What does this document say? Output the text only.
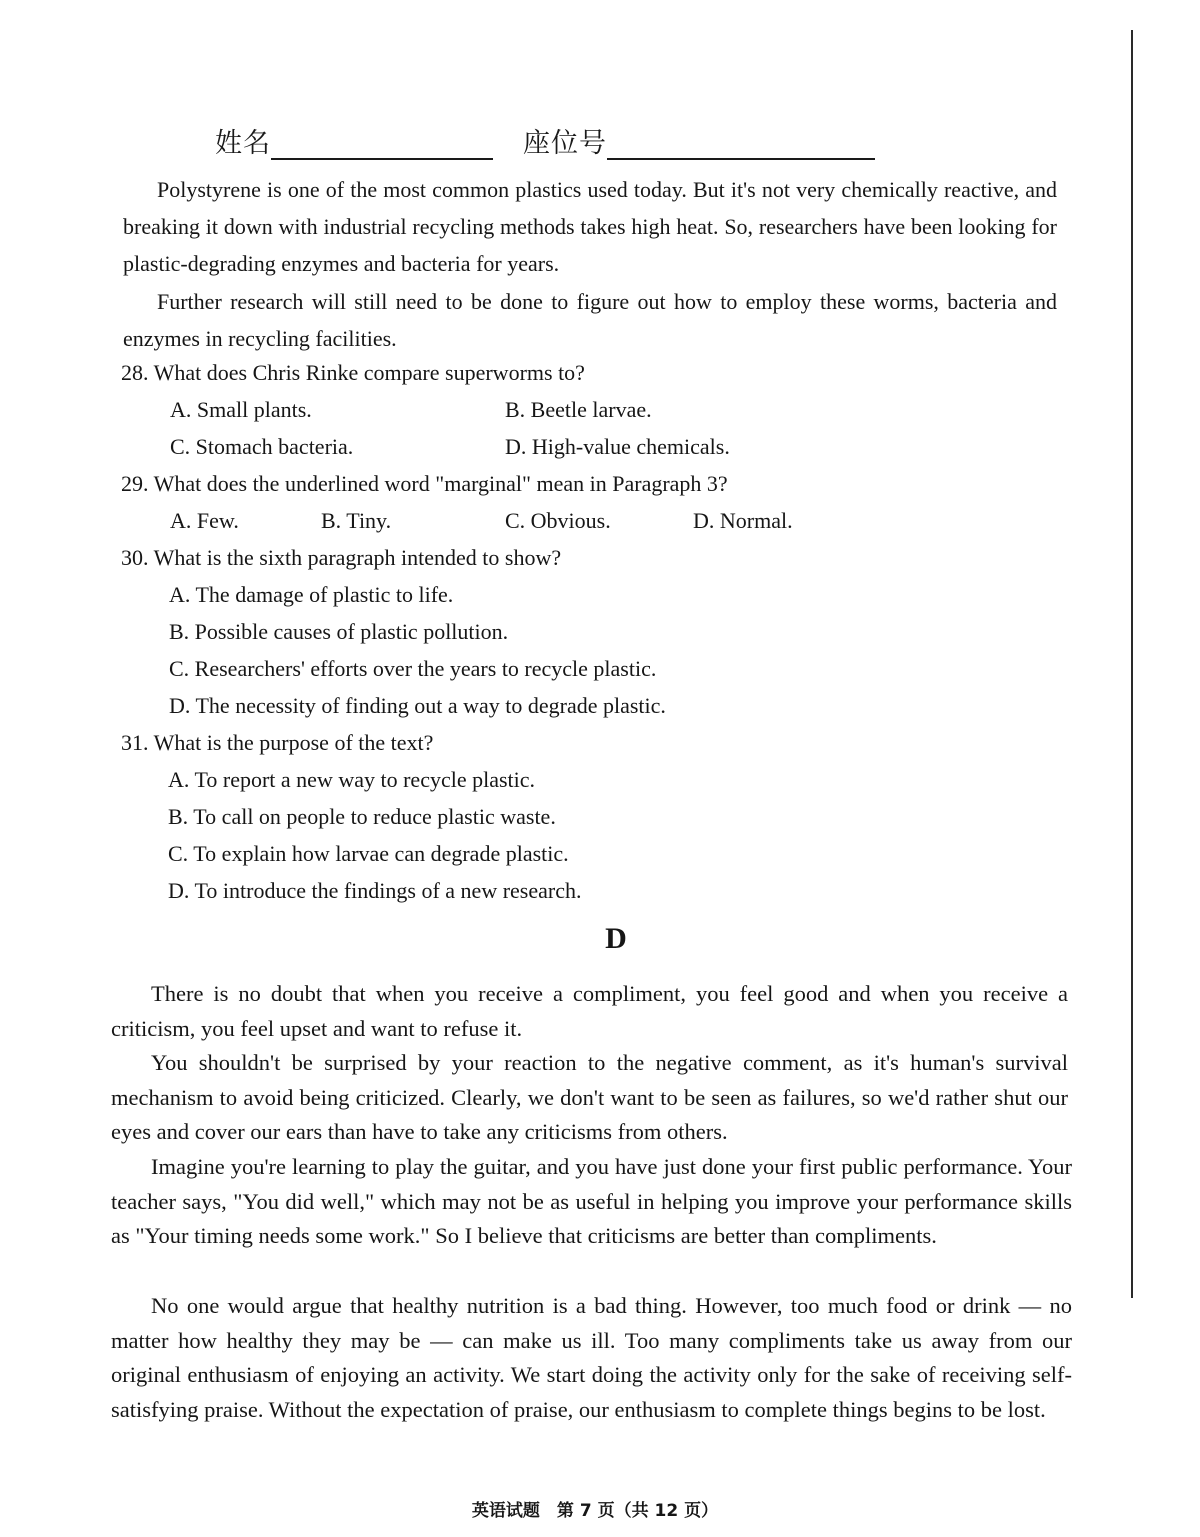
姓名	座位号

Polystyrene is one of the most common plastics used today. But it's not very chemically reactive, and breaking it down with industrial recycling methods takes high heat. So, researchers have been looking for plastic-degrading enzymes and bacteria for years.

Further research will still need to be done to figure out how to employ these worms, bacteria and enzymes in recycling facilities.

28. What does Chris Rinke compare superworms to?

A. Small plants.	B. Beetle larvae.
C. Stomach bacteria.	D. High-value chemicals.

29. What does the underlined word "marginal" mean in Paragraph 3?

A. Few.	B. Tiny.	C. Obvious.	D. Normal.

30. What is the sixth paragraph intended to show?

A. The damage of plastic to life.
B. Possible causes of plastic pollution.
C. Researchers' efforts over the years to recycle plastic.
D. The necessity of finding out a way to degrade plastic.

31. What is the purpose of the text?

A. To report a new way to recycle plastic.
B. To call on people to reduce plastic waste.
C. To explain how larvae can degrade plastic.
D. To introduce the findings of a new research.
D

There is no doubt that when you receive a compliment, you feel good and when you receive a criticism, you feel upset and want to refuse it.

You shouldn't be surprised by your reaction to the negative comment, as it's human's survival mechanism to avoid being criticized. Clearly, we don't want to be seen as failures, so we'd rather shut our eyes and cover our ears than have to take any criticisms from others.

Imagine you're learning to play the guitar, and you have just done your first public performance. Your teacher says, "You did well," which may not be as useful in helping you improve your performance skills as "Your timing needs some work." So I believe that criticisms are better than compliments.

No one would argue that healthy nutrition is a bad thing. However, too much food or drink — no matter how healthy they may be — can make us ill. Too many compliments take us away from our original enthusiasm of enjoying an activity. We start doing the activity only for the sake of receiving self-satisfying praise. Without the expectation of praise, our enthusiasm to complete things begins to be lost.

英语试题　第 7 页（共 12 页）
